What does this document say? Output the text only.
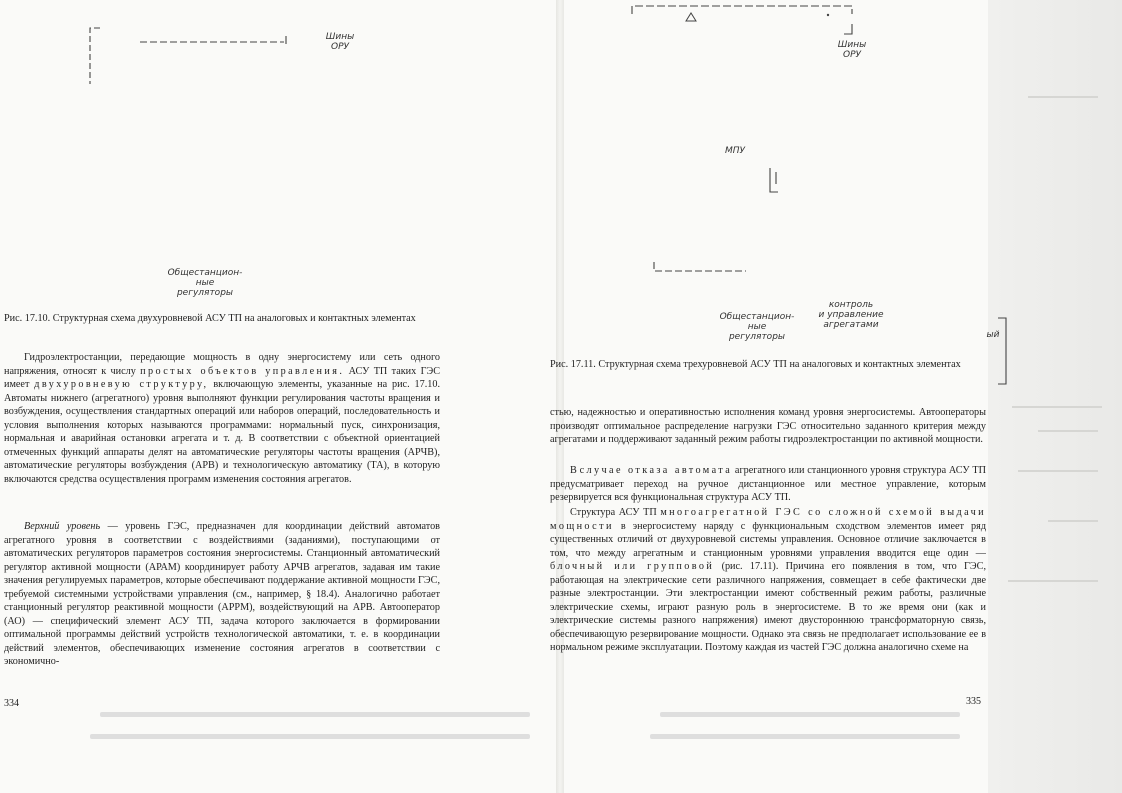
Шины
ОРУ
Общестанцион-
ные
регуляторы
Рис. 17.10. Структурная схема двухуровневой АСУ ТП на аналоговых и контактных элементах
Гидроэлектростанции, передающие мощность в одну энергосистему или сеть одного напряжения, относят к числу простых объектов управления. АСУ ТП таких ГЭС имеет двухуровневую структуру, включающую элементы, указанные на рис. 17.10. Автоматы нижнего (агрегатного) уровня выполняют функции регулирования частоты вращения и возбуждения, осуществления стандартных операций или наборов операций, последовательность и условия выполнения которых называются программами: нормальный пуск, синхронизация, нормальная и аварийная остановки агрегата и т. д. В соответствии с объектной ориентацией отмеченных функций аппараты делят на автоматические регуляторы частоты вращения (АРЧВ), автоматические регуляторы возбуждения (АРВ) и технологическую автоматику (ТА), в которую включаются средства осуществления программ изменения состояния агрегатов.
Верхний уровень — уровень ГЭС, предназначен для координации действий автоматов агрегатного уровня в соответствии с воздействиями (заданиями), поступающими от автоматических регуляторов параметров состояния энергосистемы. Станционный автоматический регулятор активной мощности (АРАМ) координирует работу АРЧВ агрегатов, задавая им такие значения регулируемых параметров, которые обеспечивают поддержание активной мощности ГЭС, требуемой системными устройствами управления (см., например, § 18.4). Аналогично работает станционный регулятор реактивной мощности (АРРМ), воздействующий на АРВ. Автооператор (АО) — специфический элемент АСУ ТП, задача которого заключается в формировании оптимальной программы действий устройств технологической автоматики, т. е. в координации действий элементов, обеспечивающих изменение состояния агрегатов в соответствии с экономично-
334
Шины
ОРУ
МПУ
Общестанцион-
ные
регуляторы
контроль
и управление
агрегатами
ый
Рис. 17.11. Структурная схема трехуровневой АСУ ТП на аналоговых и контактных элементах
стью, надежностью и оперативностью исполнения команд уровня энергосистемы. Автооператоры производят оптимальное распределение нагрузки ГЭС относительно заданного критерия между агрегатами и поддерживают заданный режим работы гидроэлектростанции по активной мощности.
В случае отказа автомата агрегатного или станционного уровня структура АСУ ТП предусматривает переход на ручное дистанционное или местное управление, которым резервируется вся функциональная структура АСУ ТП.
Структура АСУ ТП многоагрегатной ГЭС со сложной схемой выдачи мощности в энергосистему наряду с функциональным сходством элементов имеет ряд существенных отличий от двухуровневой системы управления. Основное отличие заключается в том, что между агрегатным и станционным уровнями управления вводится еще один — блочный или групповой (рис. 17.11). Причина его появления в том, что ГЭС, работающая на электрические сети различного напряжения, совмещает в себе фактически две разные электростанции. Эти электростанции имеют собственный режим работы, различные электрические схемы, играют разную роль в энергосистеме. В то же время они (как и электрические системы разного напряжения) имеют двустороннюю трансформаторную связь, обеспечивающую резервирование мощности. Однако эта связь не предполагает использование ее в нормальном режиме эксплуатации. Поэтому каждая из частей ГЭС должна аналогично схеме на
335
